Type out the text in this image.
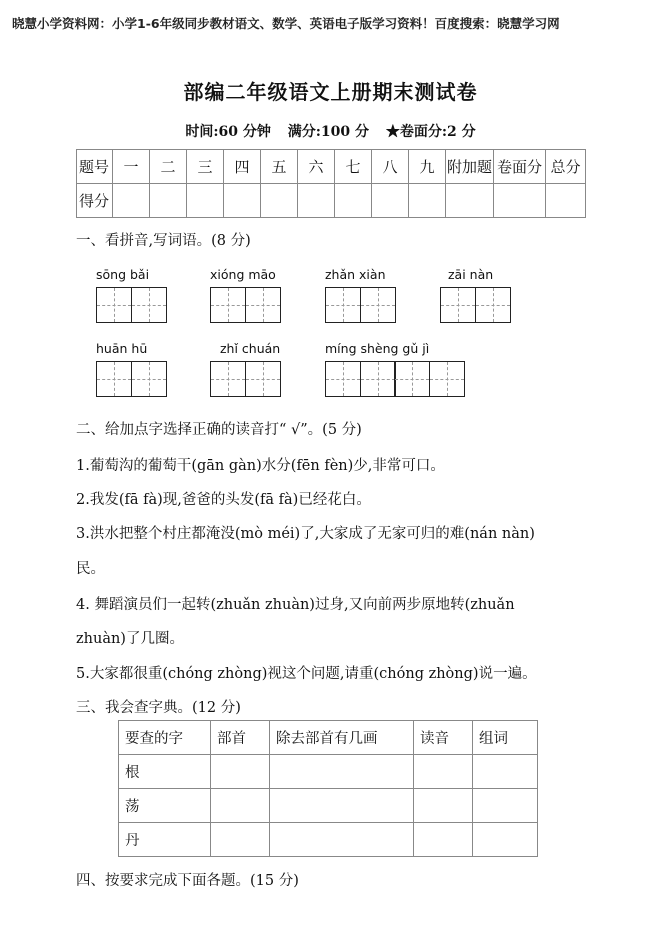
晓慧小学资料网：小学1-6年级同步教材语文、数学、英语电子版学习资料！百度搜索：晓慧学习网
部编二年级语文上册期末测试卷
时间:60 分钟 满分:100 分 ★卷面分:2 分
题号	一	二	三	四	五	六	七	八	九	附加题	卷面分	总分
得分												
一、看拼音,写词语。(8 分)
sōng bǎi	xióng māo	zhǎn xiàn	zāi nàn
huān hū	zhǐ chuán	míng shèng gǔ jì
二、给加点字选择正确的读音打“ √”。(5 分)
1.葡萄沟的葡萄干(gān gàn)水分(fēn fèn)少,非常可口。
2.我发(fā fà)现,爸爸的头发(fā fà)已经花白。
3.洪水把整个村庄都淹没(mò méi)了,大家成了无家可归的难(nán nàn)
民。
4. 舞蹈演员们一起转(zhuǎn zhuàn)过身,又向前两步原地转(zhuǎn
zhuàn)了几圈。
5.大家都很重(chóng zhòng)视这个问题,请重(chóng zhòng)说一遍。
三、我会查字典。(12 分)
要查的字	部首	除去部首有几画	读音	组词
根				
荡				
丹				
四、按要求完成下面各题。(15 分)
